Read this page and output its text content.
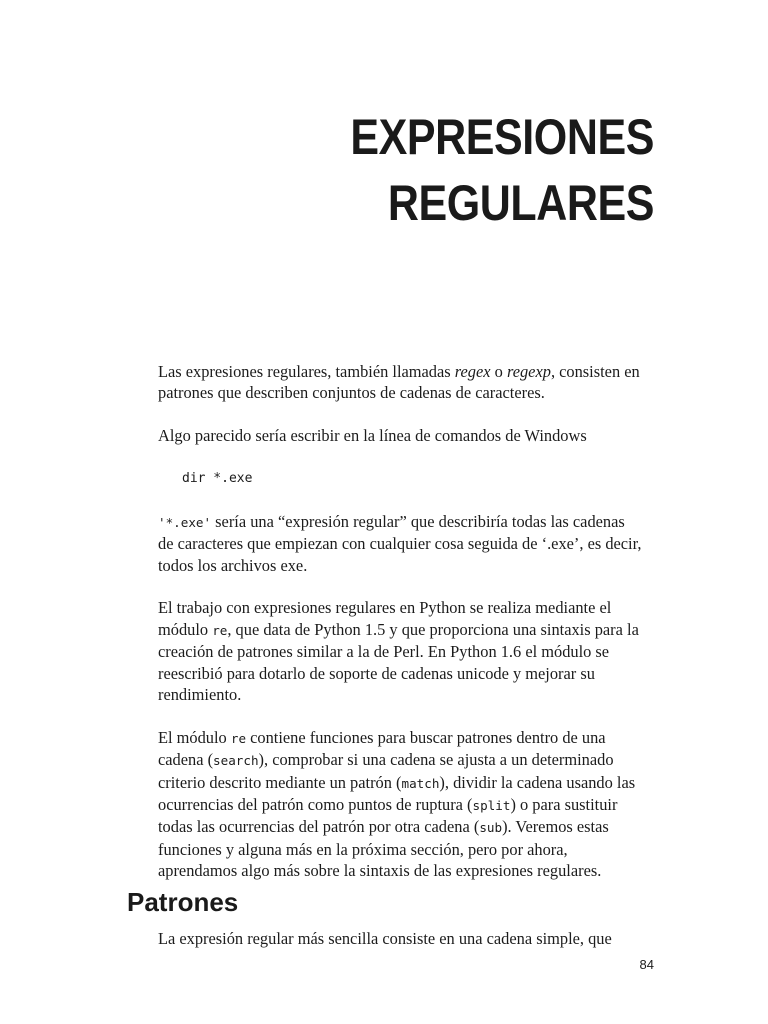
EXPRESIONES
REGULARES

Las expresiones regulares, también llamadas regex o regexp, consisten en patrones que describen conjuntos de cadenas de caracteres.

Algo parecido sería escribir en la línea de comandos de Windows

dir *.exe

'*.exe' sería una “expresión regular” que describiría todas las cadenas de caracteres que empiezan con cualquier cosa seguida de ‘.exe’, es decir, todos los archivos exe.

El trabajo con expresiones regulares en Python se realiza mediante el módulo re, que data de Python 1.5 y que proporciona una sintaxis para la creación de patrones similar a la de Perl. En Python 1.6 el módulo se reescribió para dotarlo de soporte de cadenas unicode y mejorar su rendimiento.

El módulo re contiene funciones para buscar patrones dentro de una cadena (search), comprobar si una cadena se ajusta a un determinado criterio descrito mediante un patrón (match), dividir la cadena usando las ocurrencias del patrón como puntos de ruptura (split) o para sustituir todas las ocurrencias del patrón por otra cadena (sub). Veremos estas funciones y alguna más en la próxima sección, pero por ahora, aprendamos algo más sobre la sintaxis de las expresiones regulares.

Patrones

La expresión regular más sencilla consiste en una cadena simple, que

84
